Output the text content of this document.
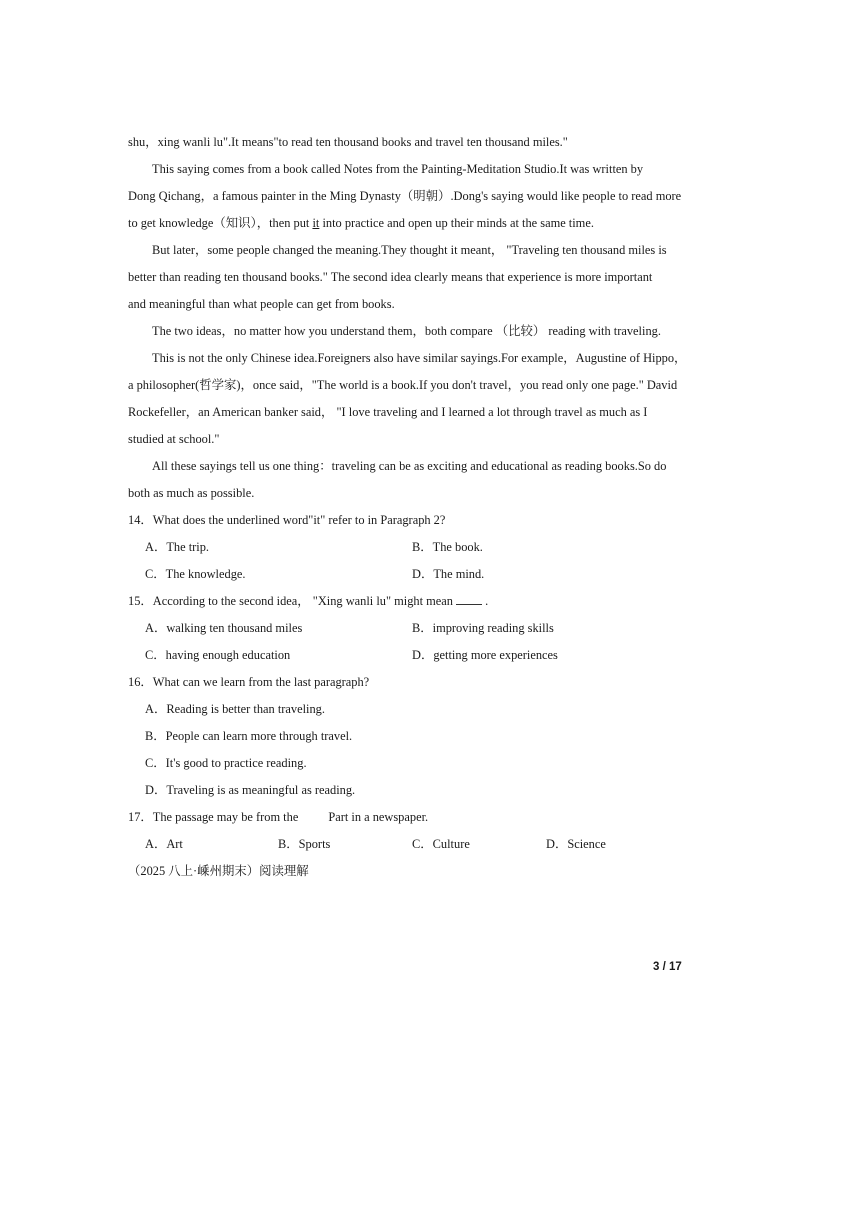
shu，xing wanli lu".It means"to read ten thousand books and travel ten thousand miles."
This saying comes from a book called Notes from the Painting-Meditation Studio.It was written by
Dong Qichang，a famous painter in the Ming Dynasty（明朝）.Dong's saying would like people to read more
to get knowledge（知识），then put it into practice and open up their minds at the same time.
But later，some people changed the meaning.They thought it meant， "Traveling ten thousand miles is
better than reading ten thousand books." The second idea clearly means that experience is more important
and meaningful than what people can get from books.
The two ideas，no matter how you understand them，both compare （比较） reading with traveling.
This is not the only Chinese idea.Foreigners also have similar sayings.For example，Augustine of Hippo，
a philosopher(哲学家)，once said，"The world is a book.If you don't travel，you read only one page." David
Rockefeller，an American banker said， "I love traveling and I learned a lot through travel as much as I
studied at school."
All these sayings tell us one thing：traveling can be as exciting and educational as reading books.So do
both as much as possible.
14．What does the underlined word"it" refer to in Paragraph 2?
A．The trip.	B．The book.
C．The knowledge.	D．The mind.
15．According to the second idea， "Xing wanli lu" might mean  .
A．walking ten thousand miles	B．improving reading skills
C．having enough education	D．getting more experiences
16．What can we learn from the last paragraph?
A．Reading is better than traveling.
B．People can learn more through travel.
C．It's good to practice reading.
D．Traveling is as meaningful as reading.
17．The passage may be from the Part in a newspaper.
A．Art	B．Sports	C．Culture	D．Science
（2025 八上·嵊州期末）阅读理解
3 / 17
